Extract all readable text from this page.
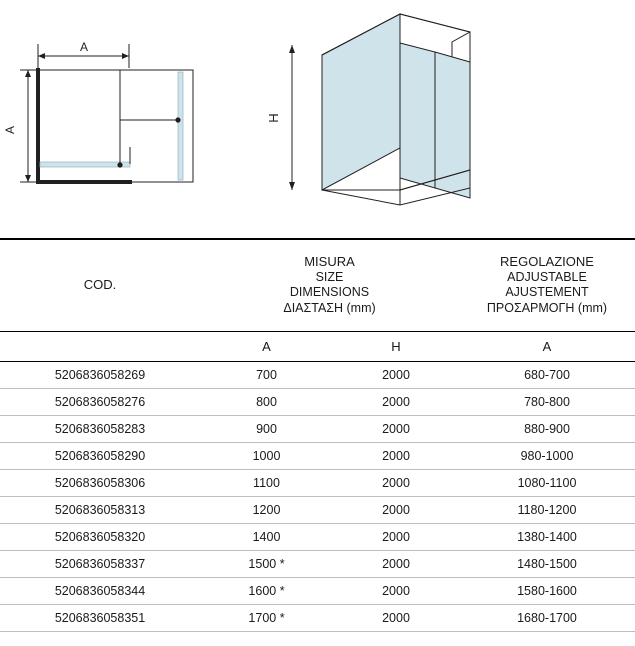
A
A
H
COD.	MISURA
SIZE
DIMENSIONS
ΔΙΑΣΤΑΣΗ (mm)		REGOLAZIONE
ADJUSTABLE
AJUSTEMENT
ΠΡΟΣΑΡΜΟΓΗ (mm)

	A	H	A
5206836058269	700	2000	680-700
5206836058276	800	2000	780-800
5206836058283	900	2000	880-900
5206836058290	1000	2000	980-1000
5206836058306	1100	2000	1080-1100
5206836058313	1200	2000	1180-1200
5206836058320	1400	2000	1380-1400
5206836058337	1500 *	2000	1480-1500
5206836058344	1600 *	2000	1580-1600
5206836058351	1700 *	2000	1680-1700
